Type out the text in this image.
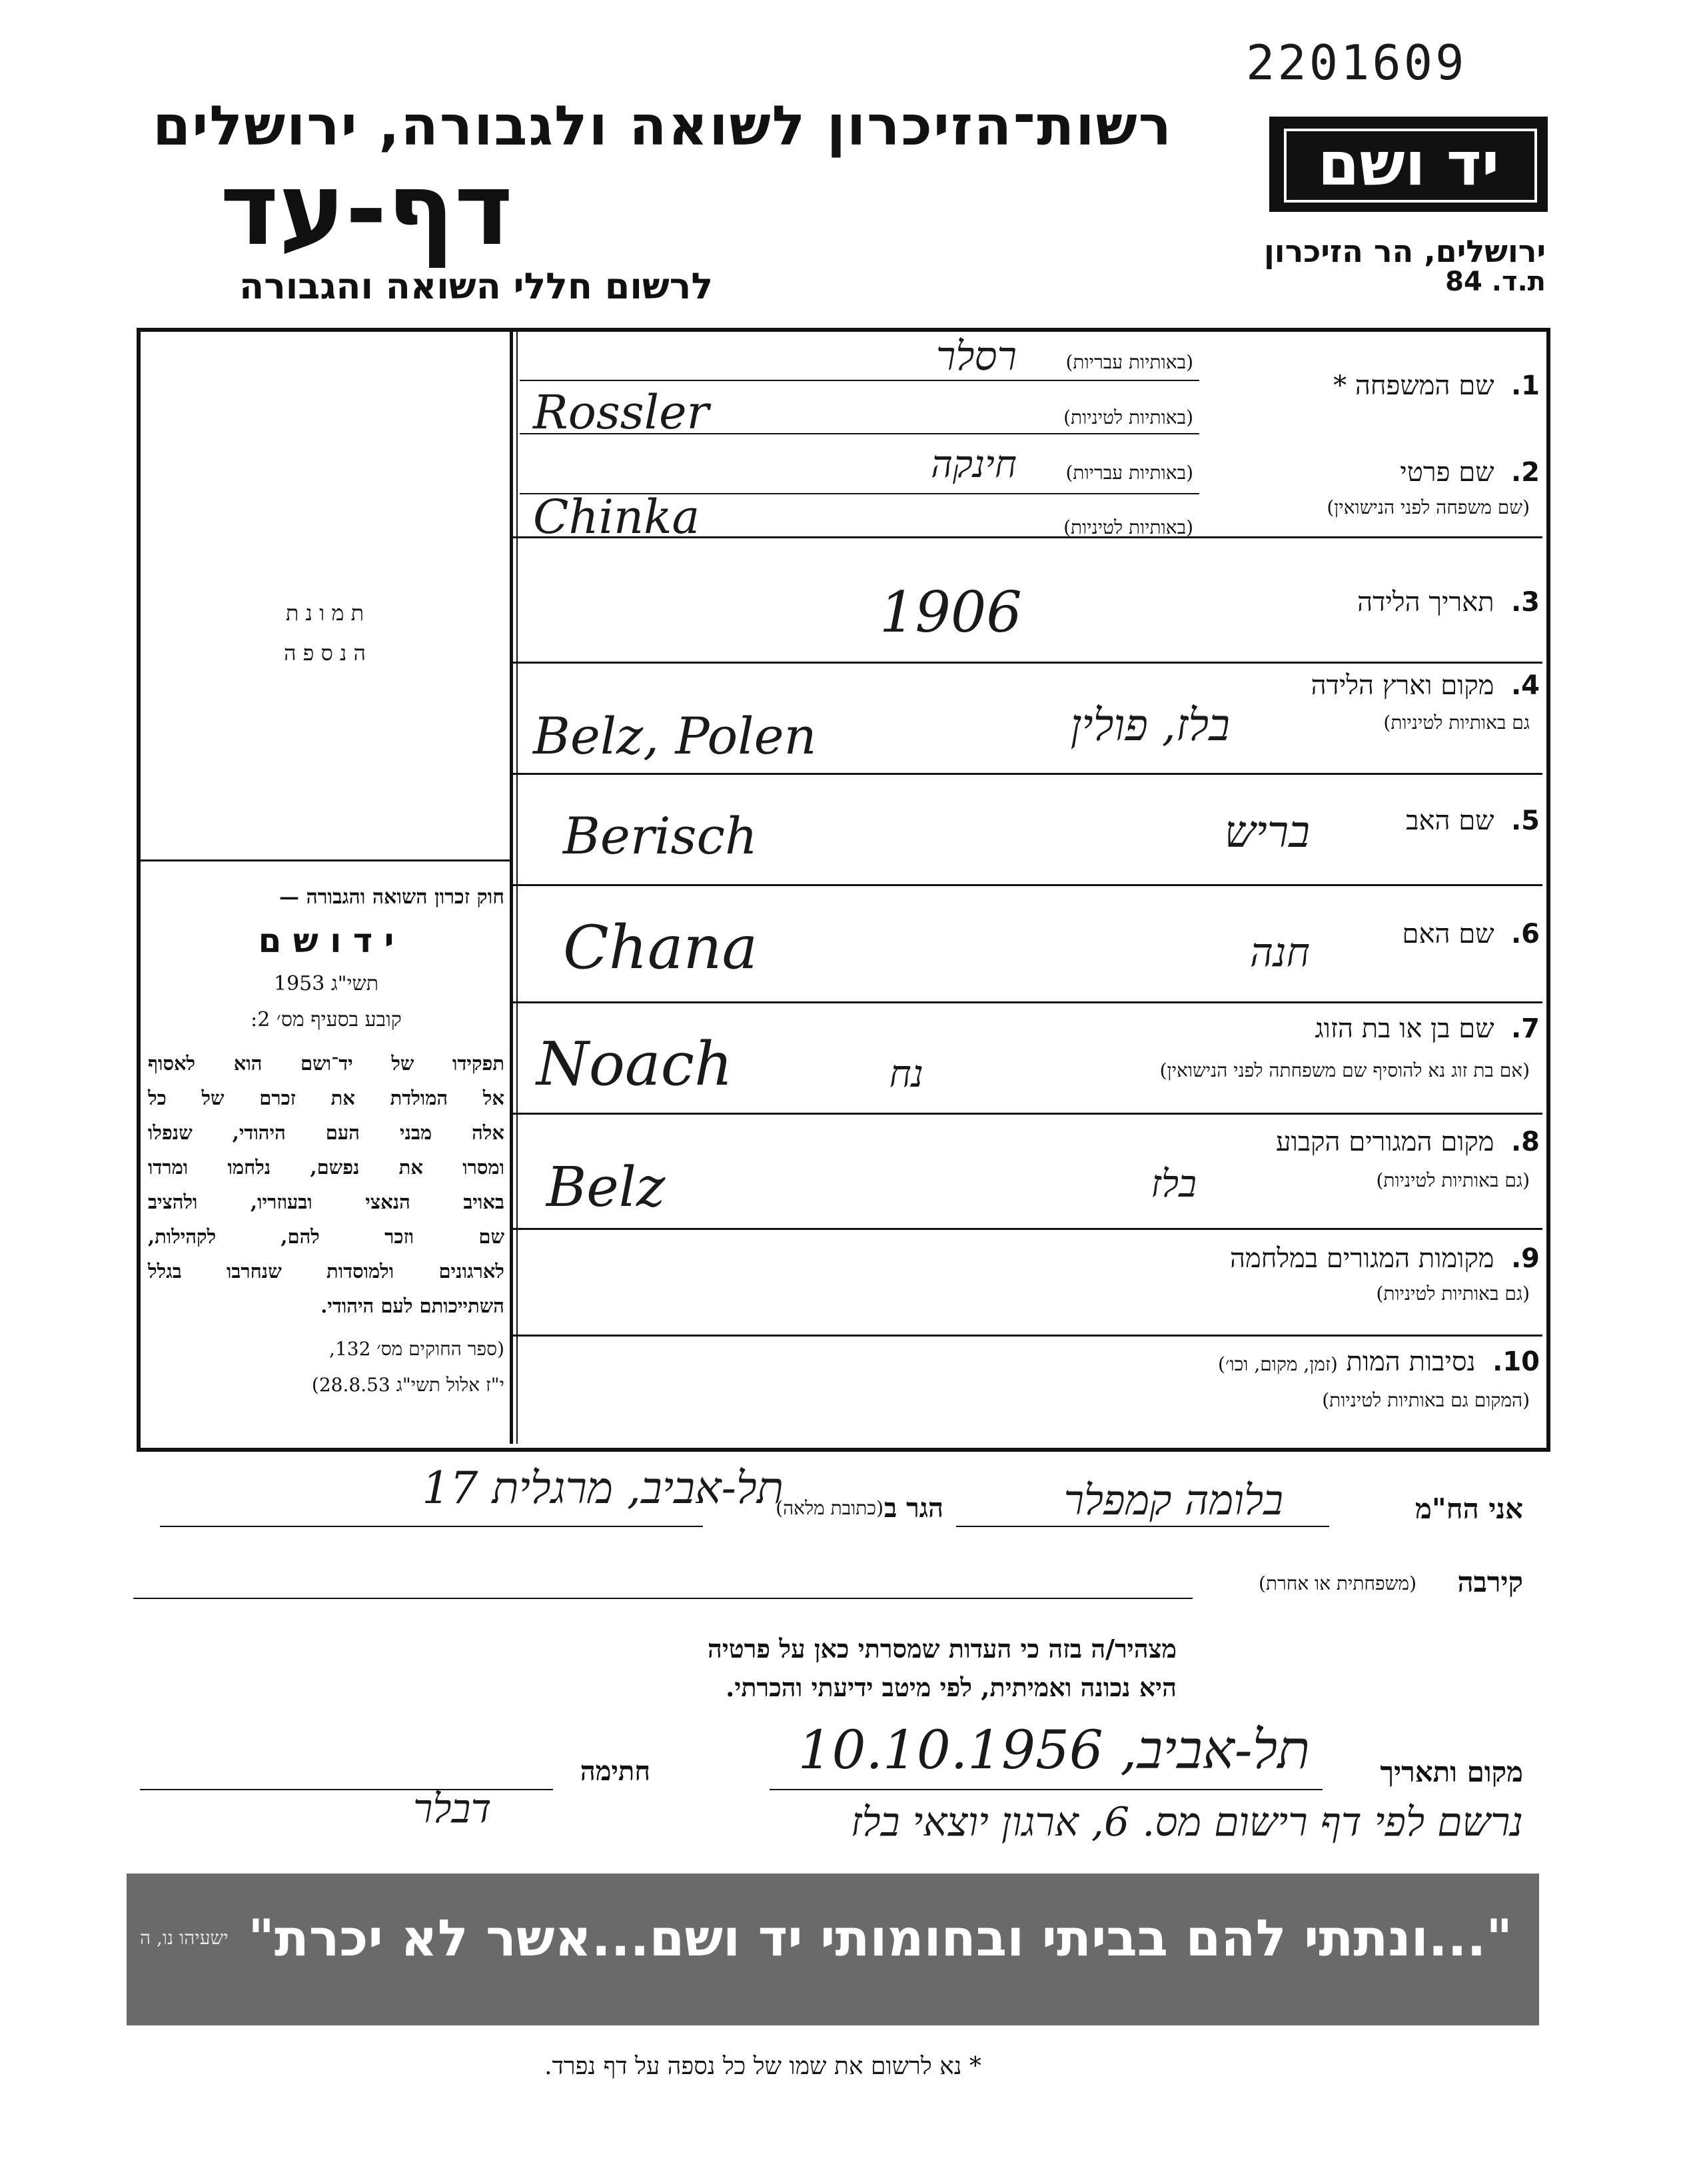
2201609
רשות־הזיכרון לשואה ולגבורה, ירושלים
דף-עד
לרשום חללי השואה והגבורה
יד ושם
ירושלים, הר הזיכרון
ת.ד. 84
ת מ ו נ ת
ה נ ס פ ה
חוק זכרון השואה והגבורה —
י ד ו ש ם
תשי"ג 1953
קובע בסעיף מס׳ 2:
תפקידו של יד־ושם הוא לאסוף
אל המולדת את זכרם של כל
אלה מבני העם היהודי, שנפלו
ומסרו את נפשם, נלחמו ומרדו
באויב הנאצי ובעוזריו, ולהציב
שם וזכר להם, לקהילות,
לארגונים ולמוסדות שנחרבו בגלל
השתייכותם לעם היהודי.
(ספר החוקים מס׳ 132,
י"ז אלול תשי"ג 28.8.53)
1.  שם המשפחה *
(באותיות עבריות)
רסלר
(באותיות לטיניות)
Rossler
2.  שם פרטי
(שם משפחה לפני הנישואין)
(באותיות עבריות)
חינקה
(באותיות לטיניות)
Chinka
3.  תאריך הלידה
1906
4.  מקום וארץ הלידה
גם באותיות לטיניות)
בלז, פולין
Belz, Polen
5.  שם האב
בריש
Berisch
6.  שם האם
חנה
Chana
7.  שם בן או בת הזוג
(אם בת זוג נא להוסיף שם משפחתה לפני הנישואין)
נח
Noach
8.  מקום המגורים הקבוע
(גם באותיות לטיניות)
בלז
Belz
9.  מקומות המגורים במלחמה
(גם באותיות לטיניות)
10.  נסיבות המות (זמן, מקום, וכו׳)
(המקום גם באותיות לטיניות)
אני הח"מ
בלומה קמפלר
הגר ב
(כתובת מלאה)
תל-אביב, מרגלית 17
קירבה
(משפחתית או אחרת)
מצהיר/ה בזה כי העדות שמסרתי כאן על פרטיה
היא נכונה ואמיתית, לפי מיטב ידיעתי והכרתי.
מקום ותאריך
תל-אביב, 10.10.1956
חתימה
נרשם לפי דף רישום מס. 6, ארגון יוצאי בלז
דבלר
"...ונתתי להם בביתי ובחומותי יד ושם...אשר לא יכרת"
ישעיהו נו, ה
* נא לרשום את שמו של כל נספה על דף נפרד.
